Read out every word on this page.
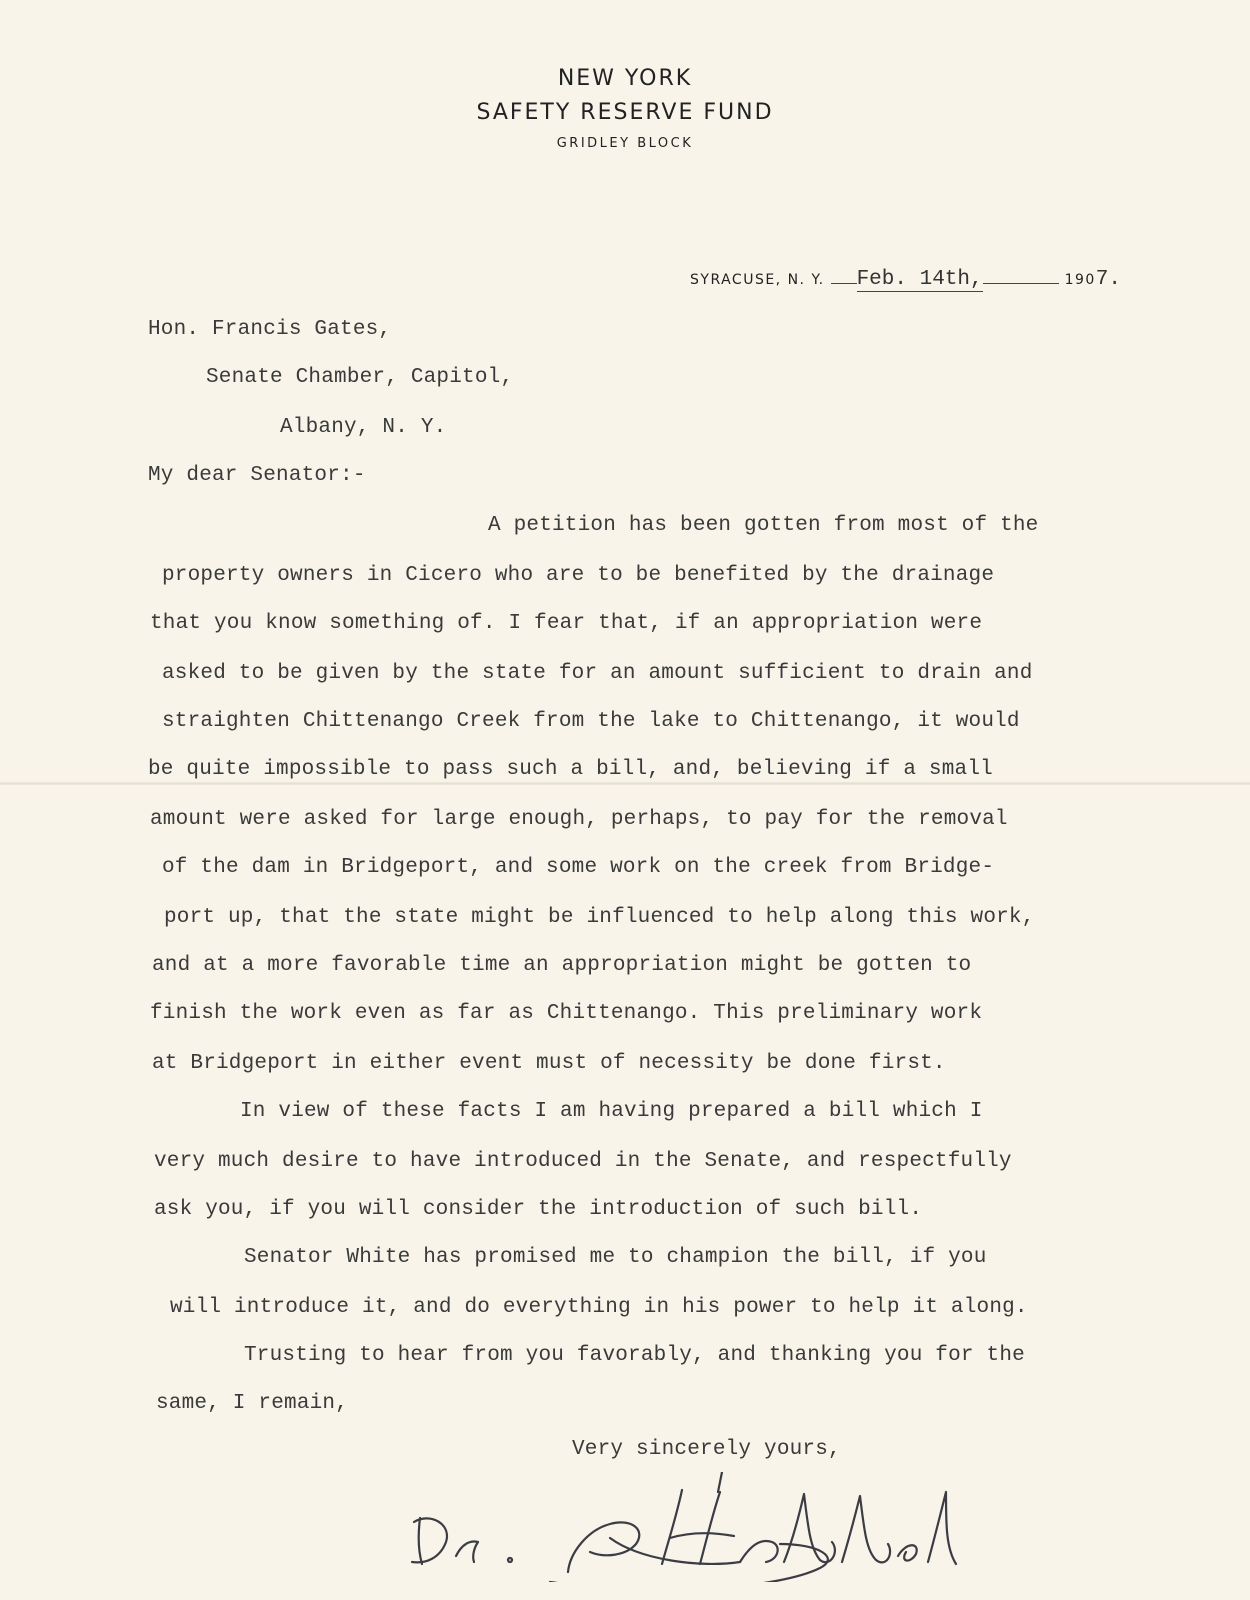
NEW YORK
SAFETY RESERVE FUND
GRIDLEY BLOCK
SYRACUSE, N. Y. Feb. 14th,	1907.
Hon. Francis Gates,
Senate Chamber, Capitol,
Albany, N. Y.
My dear Senator:-
A petition has been gotten from most of the
property owners in Cicero who are to be benefited by the drainage
that you know something of. I fear that, if an appropriation were
asked to be given by the state for an amount sufficient to drain and
straighten Chittenango Creek from the lake to Chittenango, it would
be quite impossible to pass such a bill, and, believing if a small
amount were asked for large enough, perhaps, to pay for the removal
of the dam in Bridgeport, and some work on the creek from Bridge-
port up, that the state might be influenced to help along this work,
and at a more favorable time an appropriation might be gotten to
finish the work even as far as Chittenango. This preliminary work
at Bridgeport in either event must of necessity be done first.
In view of these facts I am having prepared a bill which I
very much desire to have introduced in the Senate, and respectfully
ask you, if you will consider the introduction of such bill.
Senator White has promised me to champion the bill, if you
will introduce it, and do everything in his power to help it along.
Trusting to hear from you favorably, and thanking you for the
same, I remain,
Very sincerely yours,
